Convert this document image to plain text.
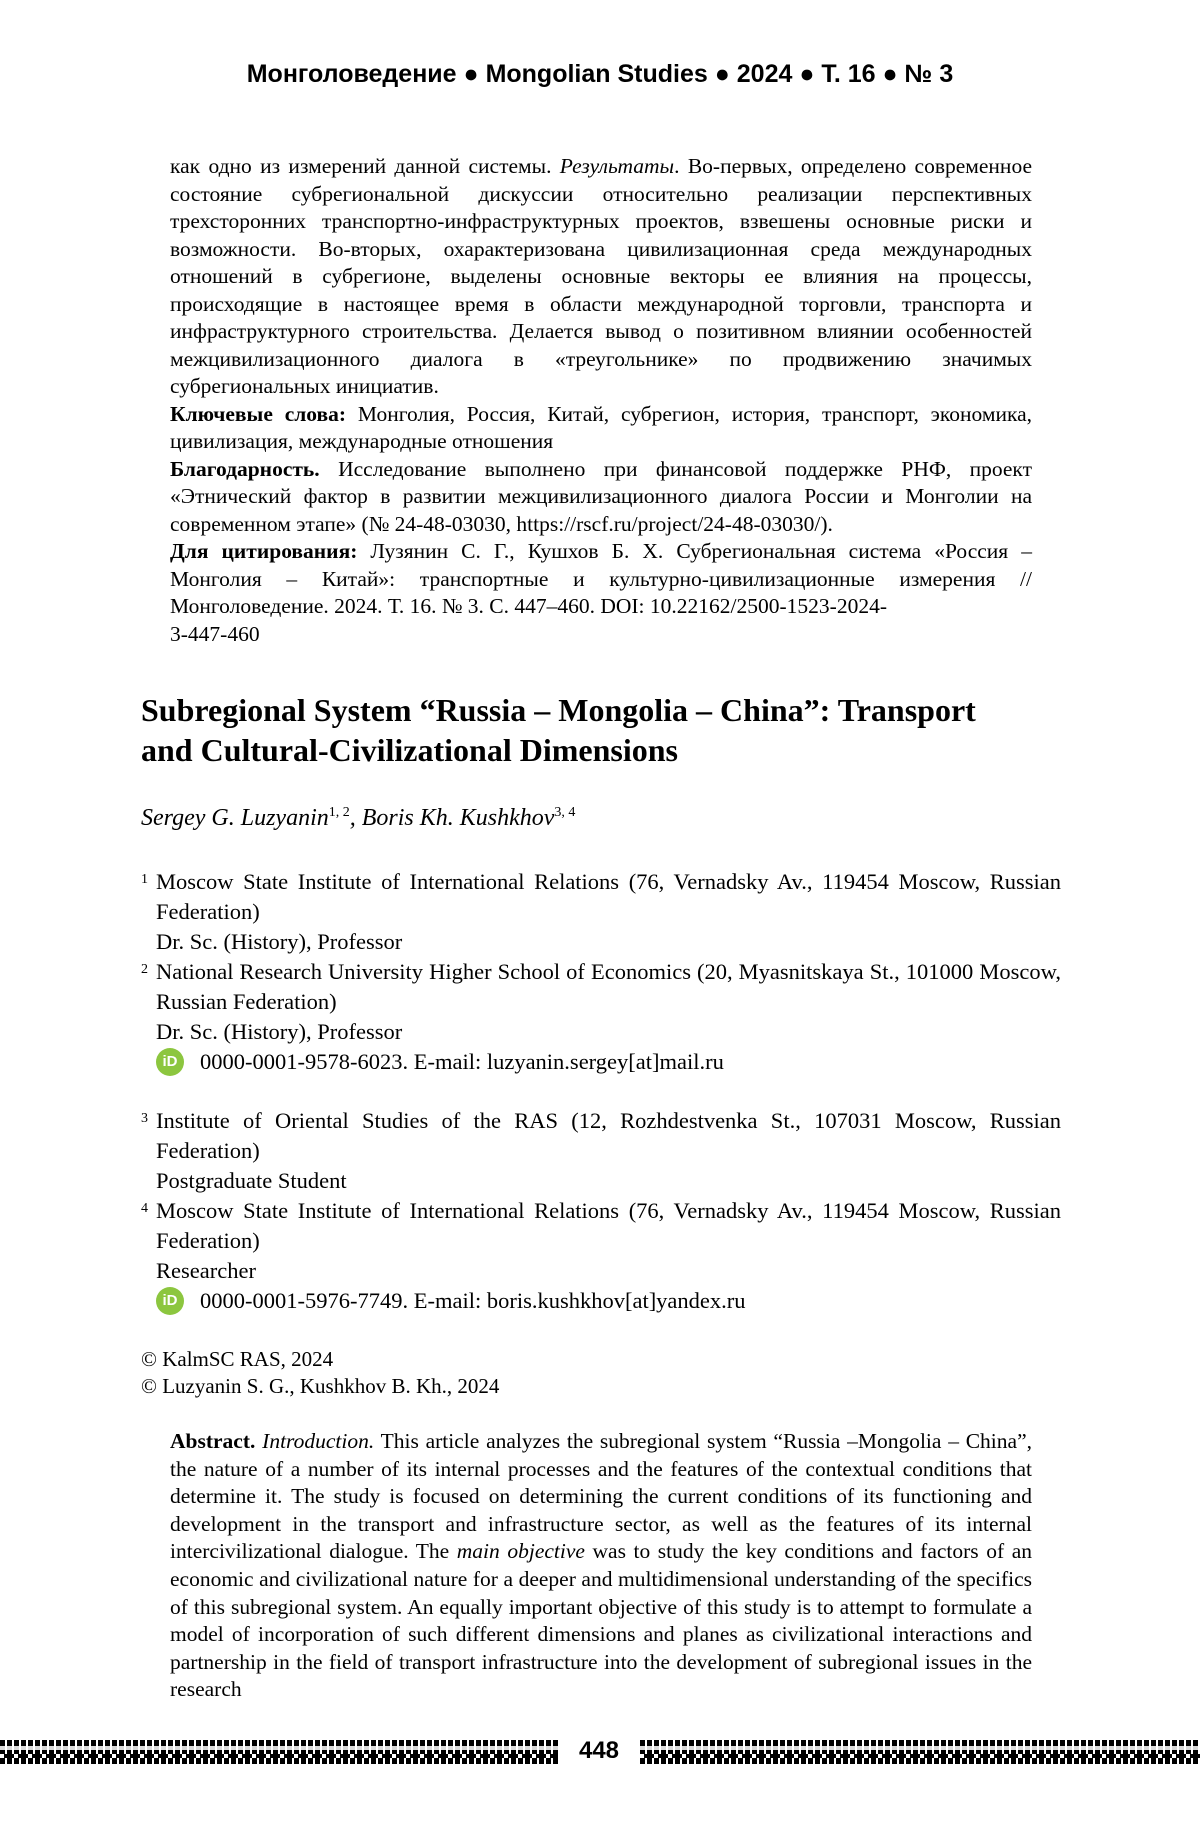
Монголоведение ● Mongolian Studies ● 2024 ● Т. 16 ● № 3

как одно из измерений данной системы. Результаты. Во-первых, определено современное состояние субрегиональной дискуссии относительно реализации перспективных трехсторонних транспортно-инфраструктурных проектов, взвешены основные риски и возможности. Во-вторых, охарактеризована цивилизационная среда международных отношений в субрегионе, выделены основные векторы ее влияния на процессы, происходящие в настоящее время в области международной торговли, транспорта и инфраструктурного строительства. Делается вывод о позитивном влиянии особенностей межцивилизационного диалога в «треугольнике» по продвижению значимых субрегиональных инициатив.

Ключевые слова: Монголия, Россия, Китай, субрегион, история, транспорт, экономика, цивилизация, международные отношения

Благодарность. Исследование выполнено при финансовой поддержке РНФ, проект «Этнический фактор в развитии межцивилизационного диалога России и Монголии на современном этапе» (№ 24-48-03030, https://rscf.ru/project/24-48-03030/).

Для цитирования: Лузянин С. Г., Кушхов Б. Х. Субрегиональная система «Россия – Монголия – Китай»: транспортные и культурно-цивилизационные измерения // Монголоведение. 2024. Т. 16. № 3. С. 447–460. DOI: 10.22162/2500-1523-2024-
3-447-460

Subregional System “Russia – Mongolia – China”: Transport
and Cultural-Civilizational Dimensions
Sergey G. Luzyanin1, 2, Boris Kh. Kushkhov3, 4
1 Moscow State Institute of International Relations (76, Vernadsky Av., 119454 Moscow, Russian Federation)
Dr. Sc. (History), Professor
2 National Research University Higher School of Economics (20, Myasnitskaya St., 101000 Moscow, Russian Federation)
Dr. Sc. (History), Professor
iD 0000-0001-9578-6023. E-mail: luzyanin.sergey[at]mail.ru
3 Institute of Oriental Studies of the RAS (12, Rozhdestvenka St., 107031 Moscow, Russian Federation)
Postgraduate Student
4 Moscow State Institute of International Relations (76, Vernadsky Av., 119454 Moscow, Russian Federation)
Researcher
iD 0000-0001-5976-7749. E-mail: boris.kushkhov[at]yandex.ru
© KalmSC RAS, 2024
© Luzyanin S. G., Kushkhov B. Kh., 2024
Abstract. Introduction. This article analyzes the subregional system “Russia –Mongolia – China”, the nature of a number of its internal processes and the features of the contextual conditions that determine it. The study is focused on determining the current conditions of its functioning and development in the transport and infrastructure sector, as well as the features of its internal intercivilizational dialogue. The main objective was to study the key conditions and factors of an economic and civilizational nature for a deeper and multidimensional understanding of the specifics of this subregional system. An equally important objective of this study is to attempt to formulate a model of incorporation of such different dimensions and planes as civilizational interactions and partnership in the field of transport infrastructure into the development of subregional issues in the research
448
